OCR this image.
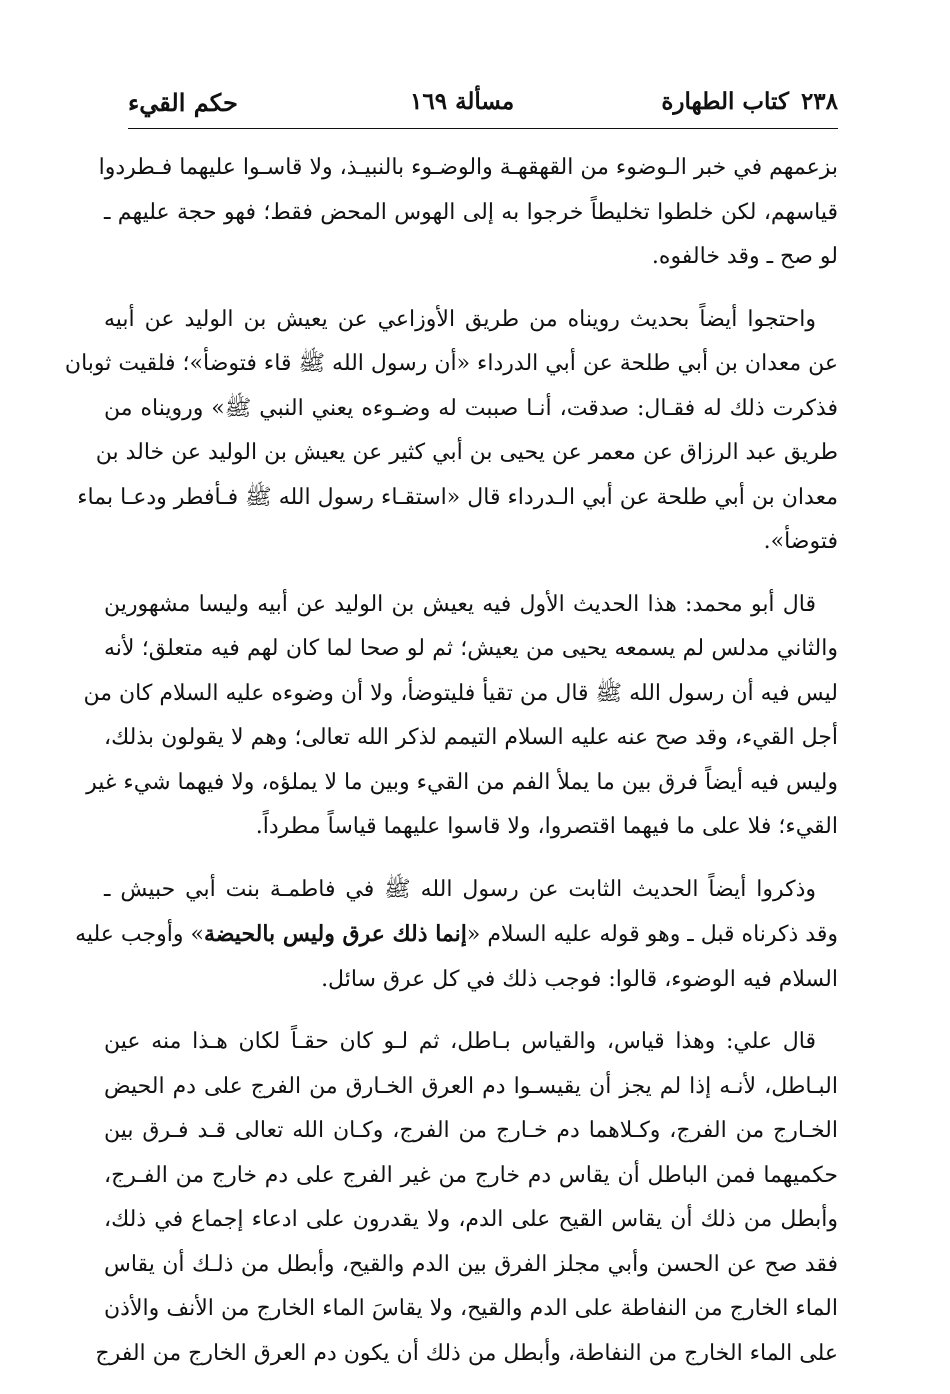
٢٣٨
كتاب الطهارة
مسألة ١٦٩
حكم القيء

بزعمهم في خبر الـوضوء من القهقهـة والوضـوء بالنبيـذ، ولا قاسـوا عليهما فـطردوا
قياسهم، لكن خلطوا تخليطاً خرجوا به إلى الهوس المحض فقط؛ فهو حجة عليهم ـ
لو صح ـ وقد خالفوه.

واحتجوا أيضاً بحديث رويناه من طريق الأوزاعي عن يعيش بن الوليد عن أبيه
عن معدان بن أبي طلحة عن أبي الدرداء «أن رسول الله ﷺ قاء فتوضأ»؛ فلقيت ثوبان
فذكرت ذلك له فقـال: صدقت، أنـا صببت له وضـوءه يعني النبي ﷺ» ورويناه من
طريق عبد الرزاق عن معمر عن يحيى بن أبي كثير عن يعيش بن الوليد عن خالد بن
معدان بن أبي طلحة عن أبي الـدرداء قال «استقـاء رسول الله ﷺ فـأفطر ودعـا بماء
فتوضأ».

قال أبو محمد: هذا الحديث الأول فيه يعيش بن الوليد عن أبيه وليسا مشهورين
والثاني مدلس لم يسمعه يحيى من يعيش؛ ثم لو صحا لما كان لهم فيه متعلق؛ لأنه
ليس فيه أن رسول الله ﷺ قال من تقيأ فليتوضأ، ولا أن وضوءه عليه السلام كان من
أجل القيء، وقد صح عنه عليه السلام التيمم لذكر الله تعالى؛ وهم لا يقولون بذلك،
وليس فيه أيضاً فرق بين ما يملأ الفم من القيء وبين ما لا يملؤه، ولا فيهما شيء غير
القيء؛ فلا على ما فيهما اقتصروا، ولا قاسوا عليهما قياساً مطرداً.

وذكروا أيضاً الحديث الثابت عن رسول الله ﷺ في فاطمـة بنت أبي حبيش ـ
وقد ذكرناه قبل ـ وهو قوله عليه السلام «إنما ذلك عرق وليس بالحيضة» وأوجب عليه
السلام فيه الوضوء، قالوا: فوجب ذلك في كل عرق سائل.

قال علي: وهذا قياس، والقياس بـاطل، ثم لـو كان حقـاً لكان هـذا منه عين
البـاطل، لأنـه إذا لم يجز أن يقيسـوا دم العرق الخـارق من الفرج على دم الحيض
الخـارج من الفرج، وكـلاهما دم خـارج من الفرج، وكـان الله تعالى قـد فـرق بين
حكميهما فمن الباطل أن يقاس دم خارج من غير الفرج على دم خارج من الفـرج،
وأبطل من ذلك أن يقاس القيح على الدم، ولا يقدرون على ادعاء إجماع في ذلك،
فقد صح عن الحسن وأبي مجلز الفرق بين الدم والقيح، وأبطل من ذلـك أن يقاس
الماء الخارج من النفاطة على الدم والقيح، ولا يقاسَ الماء الخارج من الأنف والأذن
على الماء الخارج من النفاطة، وأبطل من ذلك أن يكون دم العرق الخارج من الفرج
